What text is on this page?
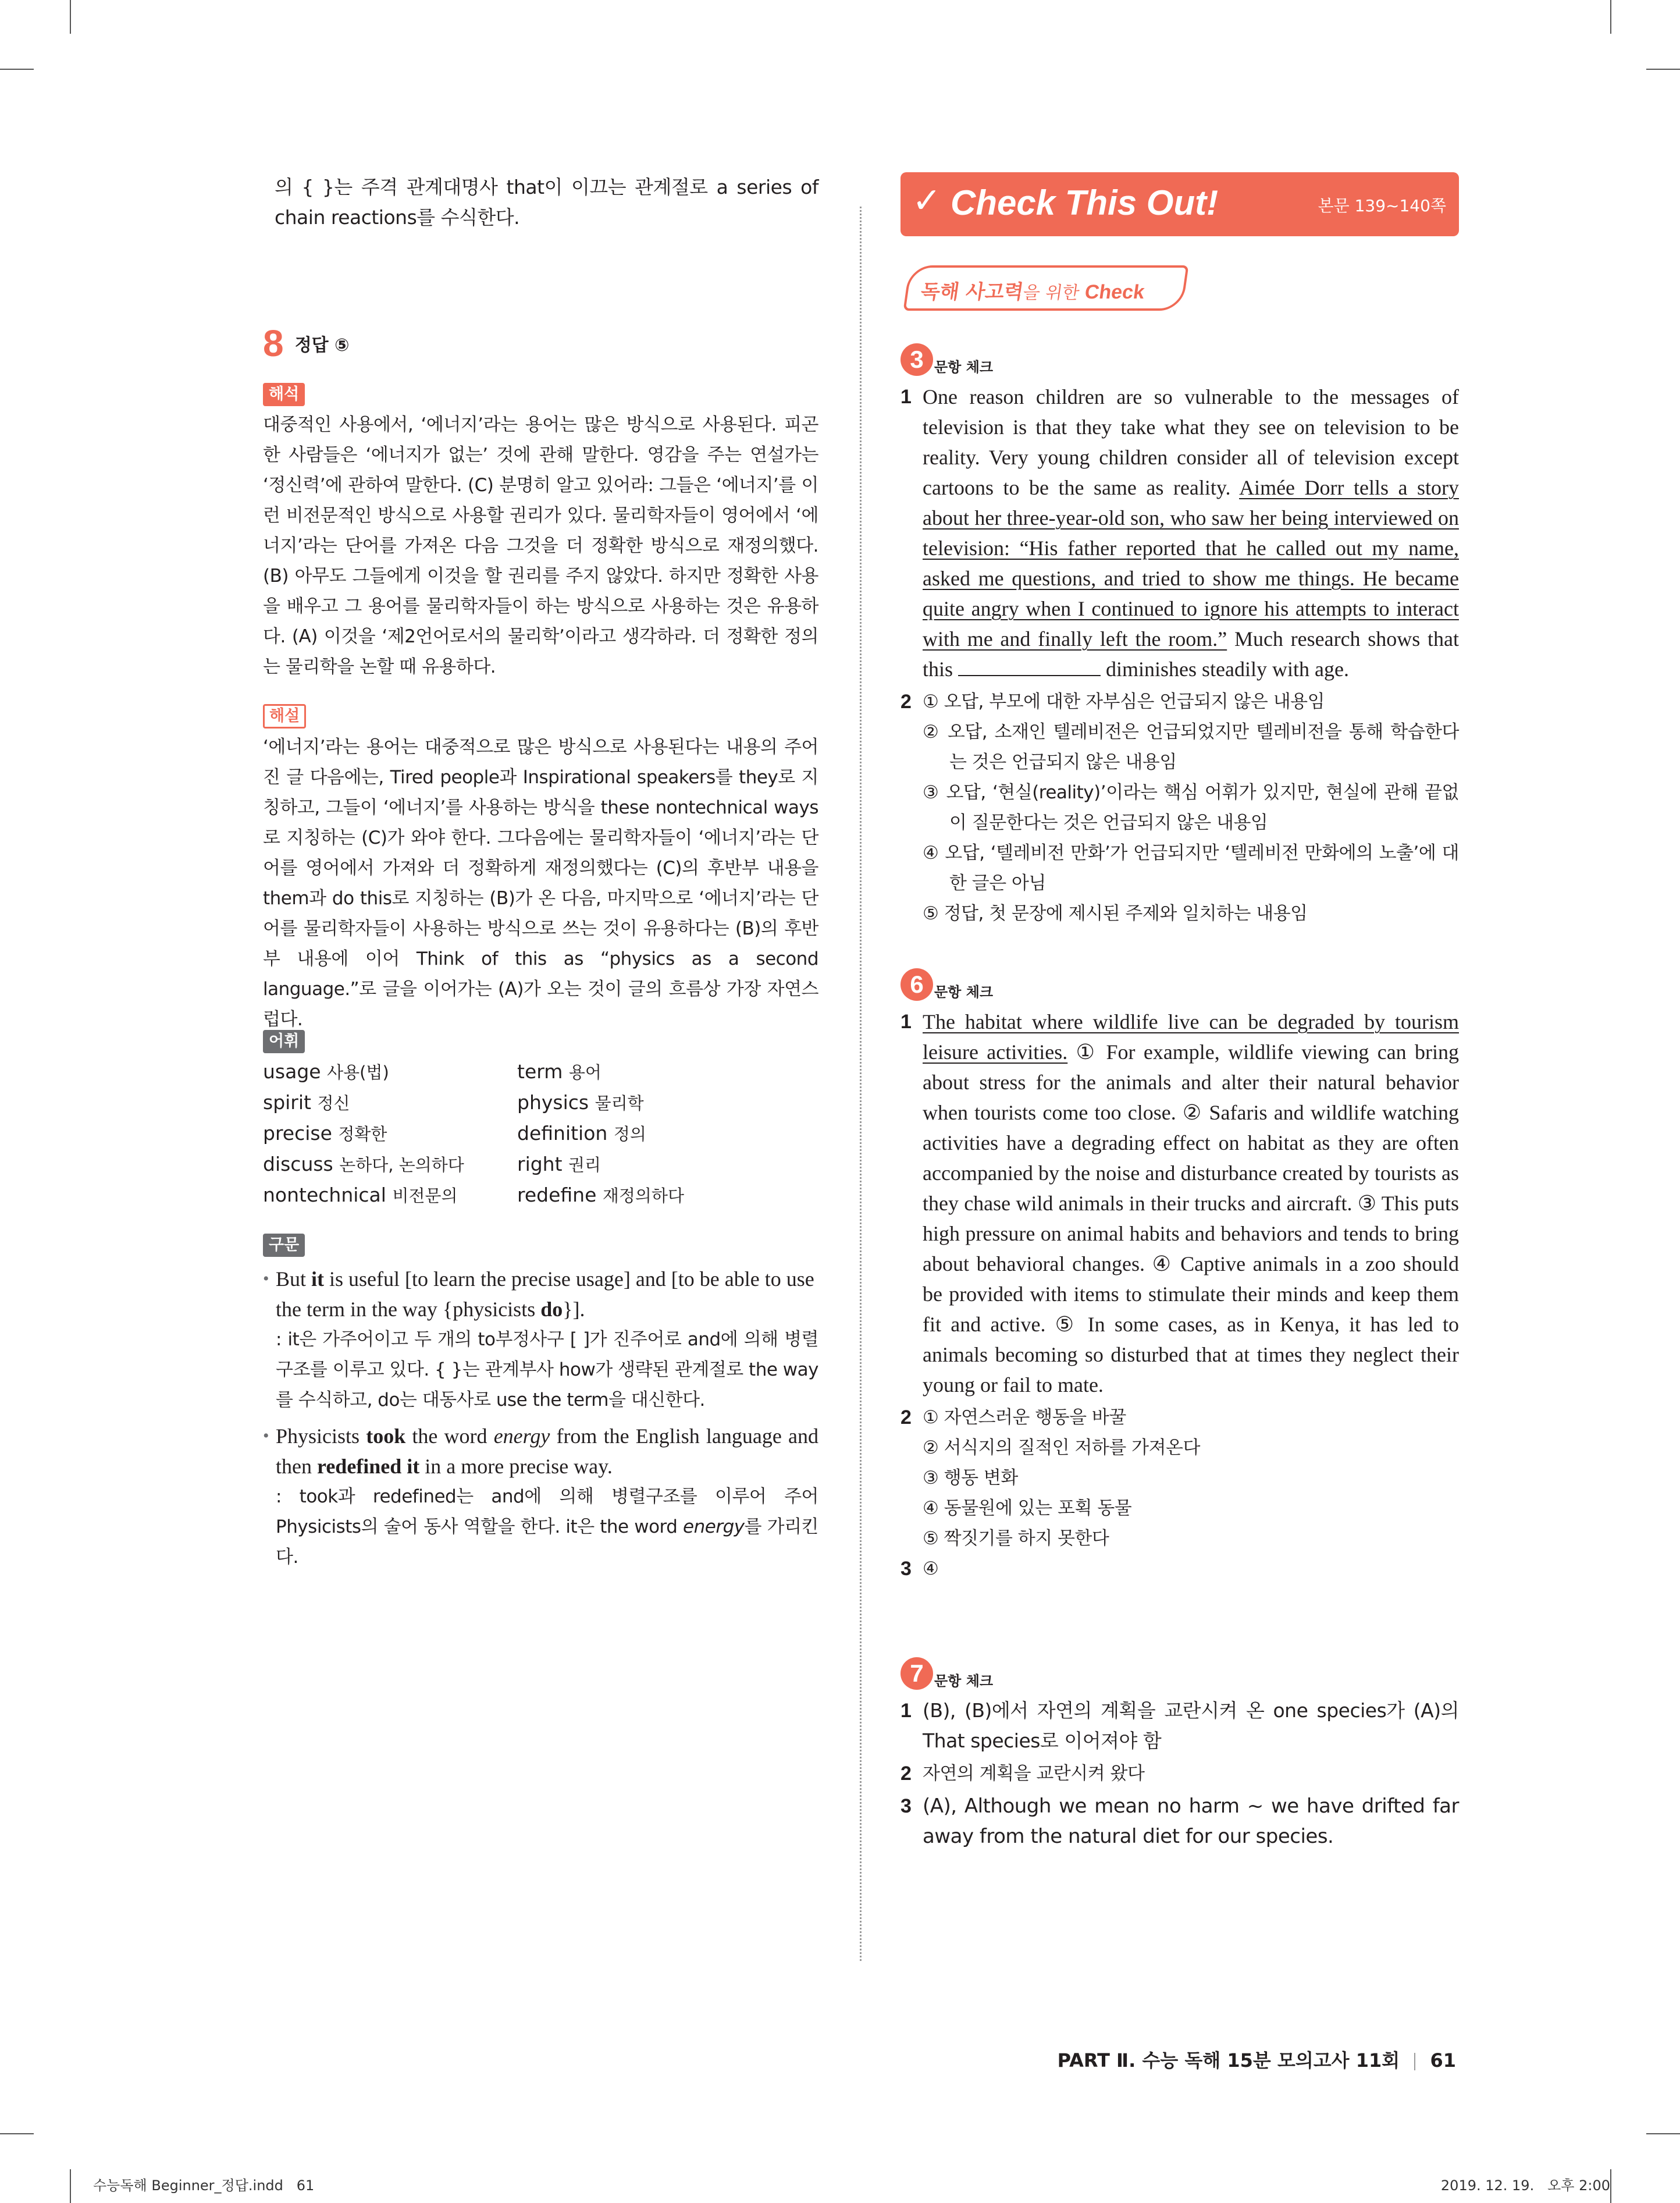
의 { }는 주격 관계대명사 that이 이끄는 관계절로 a series of chain reactions를 수식한다.
8 정답 ⑤
해석
대중적인 사용에서, ‘에너지’라는 용어는 많은 방식으로 사용된다. 피곤한 사람들은 ‘에너지가 없는’ 것에 관해 말한다. 영감을 주는 연설가는 ‘정신력’에 관하여 말한다. (C) 분명히 알고 있어라: 그들은 ‘에너지’를 이런 비전문적인 방식으로 사용할 권리가 있다. 물리학자들이 영어에서 ‘에너지’라는 단어를 가져온 다음 그것을 더 정확한 방식으로 재정의했다. (B) 아무도 그들에게 이것을 할 권리를 주지 않았다. 하지만 정확한 사용을 배우고 그 용어를 물리학자들이 하는 방식으로 사용하는 것은 유용하다. (A) 이것을 ‘제2언어로서의 물리학’이라고 생각하라. 더 정확한 정의는 물리학을 논할 때 유용하다.
해설
‘에너지’라는 용어는 대중적으로 많은 방식으로 사용된다는 내용의 주어진 글 다음에는, Tired people과 Inspirational speakers를 they로 지칭하고, 그들이 ‘에너지’를 사용하는 방식을 these nontechnical ways로 지칭하는 (C)가 와야 한다. 그다음에는 물리학자들이 ‘에너지’라는 단어를 영어에서 가져와 더 정확하게 재정의했다는 (C)의 후반부 내용을 them과 do this로 지칭하는 (B)가 온 다음, 마지막으로 ‘에너지’라는 단어를 물리학자들이 사용하는 방식으로 쓰는 것이 유용하다는 (B)의 후반부 내용에 이어 Think of this as “physics as a second language.”로 글을 이어가는 (A)가 오는 것이 글의 흐름상 가장 자연스럽다.
어휘
usage 사용(법)	term 용어
spirit 정신	physics 물리학
precise 정확한	definition 정의
discuss 논하다, 논의하다	right 권리
nontechnical 비전문의	redefine 재정의하다
구문
• But it is useful [to learn the precise usage] and [to be able to use the term in the way {physicists do}].
: it은 가주어이고 두 개의 to부정사구 [ ]가 진주어로 and에 의해 병렬구조를 이루고 있다. { }는 관계부사 how가 생략된 관계절로 the way를 수식하고, do는 대동사로 use the term을 대신한다.
• Physicists took the word energy from the English language and then redefined it in a more precise way.
: took과 redefined는 and에 의해 병렬구조를 이루어 주어 Physicists의 술어 동사 역할을 한다. it은 the word energy를 가리킨다.
✓ Check This Out!	본문 139~140쪽
독해 사고력을 위한 Check
3 문항 체크
1 One reason children are so vulnerable to the messages of television is that they take what they see on television to be reality. Very young children consider all of television except cartoons to be the same as reality. Aimée Dorr tells a story about her three-year-old son, who saw her being interviewed on television: “His father reported that he called out my name, asked me questions, and tried to show me things. He became quite angry when I continued to ignore his attempts to interact with me and finally left the room.” Much research shows that this	diminishes steadily with age.
2 ① 오답, 부모에 대한 자부심은 언급되지 않은 내용임
② 오답, 소재인 텔레비전은 언급되었지만 텔레비전을 통해 학습한다는 것은 언급되지 않은 내용임
③ 오답, ‘현실(reality)’이라는 핵심 어휘가 있지만, 현실에 관해 끝없이 질문한다는 것은 언급되지 않은 내용임
④ 오답, ‘텔레비전 만화’가 언급되지만 ‘텔레비전 만화에의 노출’에 대한 글은 아님
⑤ 정답, 첫 문장에 제시된 주제와 일치하는 내용임
6 문항 체크
1 The habitat where wildlife live can be degraded by tourism leisure activities. ① For example, wildlife viewing can bring about stress for the animals and alter their natural behavior when tourists come too close. ② Safaris and wildlife watching activities have a degrading effect on habitat as they are often accompanied by the noise and disturbance created by tourists as they chase wild animals in their trucks and aircraft. ③ This puts high pressure on animal habits and behaviors and tends to bring about behavioral changes. ④ Captive animals in a zoo should be provided with items to stimulate their minds and keep them fit and active. ⑤ In some cases, as in Kenya, it has led to animals becoming so disturbed that at times they neglect their young or fail to mate.
2 ① 자연스러운 행동을 바꿀
② 서식지의 질적인 저하를 가져온다
③ 행동 변화
④ 동물원에 있는 포획 동물
⑤ 짝짓기를 하지 못한다
3 ④
7 문항 체크
1 (B), (B)에서 자연의 계획을 교란시켜 온 one species가 (A)의 That species로 이어져야 함
2 자연의 계획을 교란시켜 왔다
3 (A), Although we mean no harm ~ we have drifted far away from the natural diet for our species.
PART Ⅱ. 수능 독해 15분 모의고사 11회 61
수능독해 Beginner_정답.indd   61	2019. 12. 19.   오후 2:00
